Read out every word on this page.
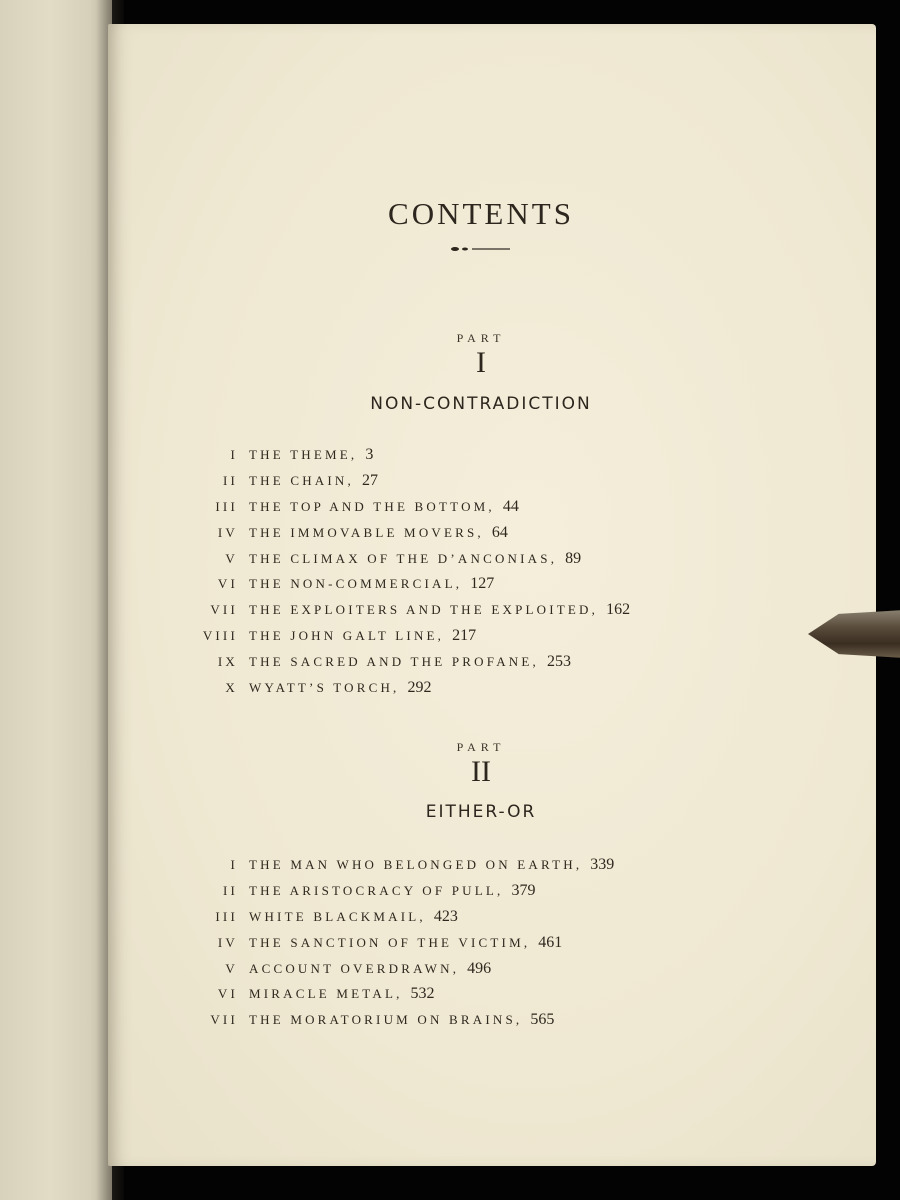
CONTENTS
PART
I
NON-CONTRADICTION
I THE THEME, 3
II THE CHAIN, 27
III THE TOP AND THE BOTTOM, 44
IV THE IMMOVABLE MOVERS, 64
V THE CLIMAX OF THE D’ANCONIAS, 89
VI THE NON-COMMERCIAL, 127
VII THE EXPLOITERS AND THE EXPLOITED, 162
VIII THE JOHN GALT LINE, 217
IX THE SACRED AND THE PROFANE, 253
X WYATT’S TORCH, 292
PART
II
EITHER-OR
I THE MAN WHO BELONGED ON EARTH, 339
II THE ARISTOCRACY OF PULL, 379
III WHITE BLACKMAIL, 423
IV THE SANCTION OF THE VICTIM, 461
V ACCOUNT OVERDRAWN, 496
VI MIRACLE METAL, 532
VII THE MORATORIUM ON BRAINS, 565
